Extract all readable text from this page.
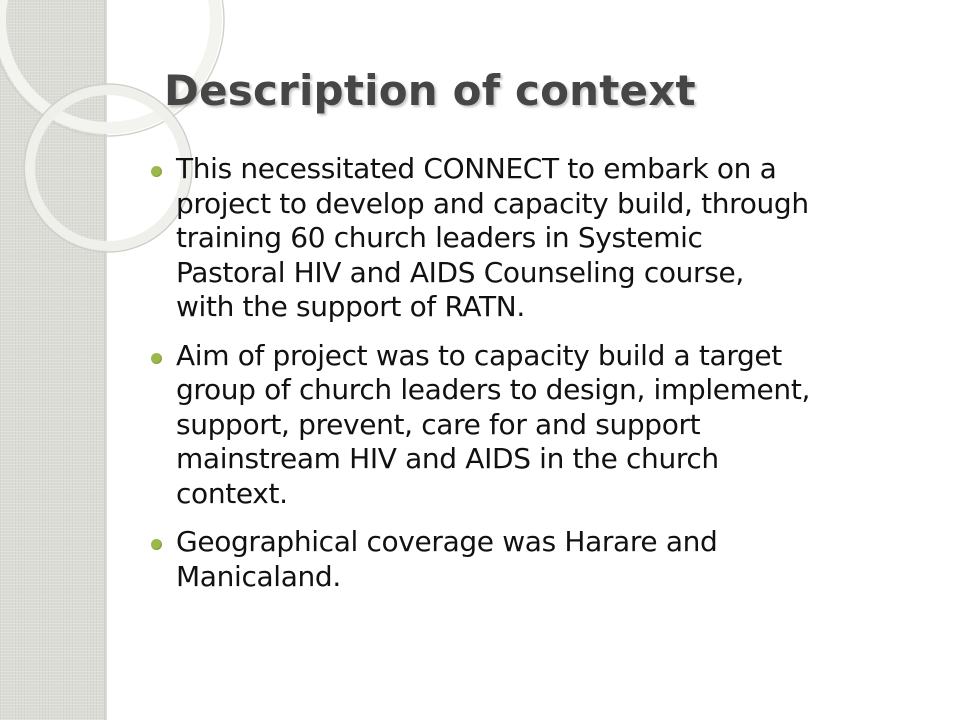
Description of context
This necessitated CONNECT to embark on a
project to develop and capacity build, through
training 60 church leaders in Systemic
Pastoral HIV and AIDS Counseling course,
with the support of RATN.
Aim of project was to capacity build a target
group of church leaders to design, implement,
support, prevent, care for and support
mainstream HIV and AIDS in the church
context.
Geographical coverage was Harare and
Manicaland.
